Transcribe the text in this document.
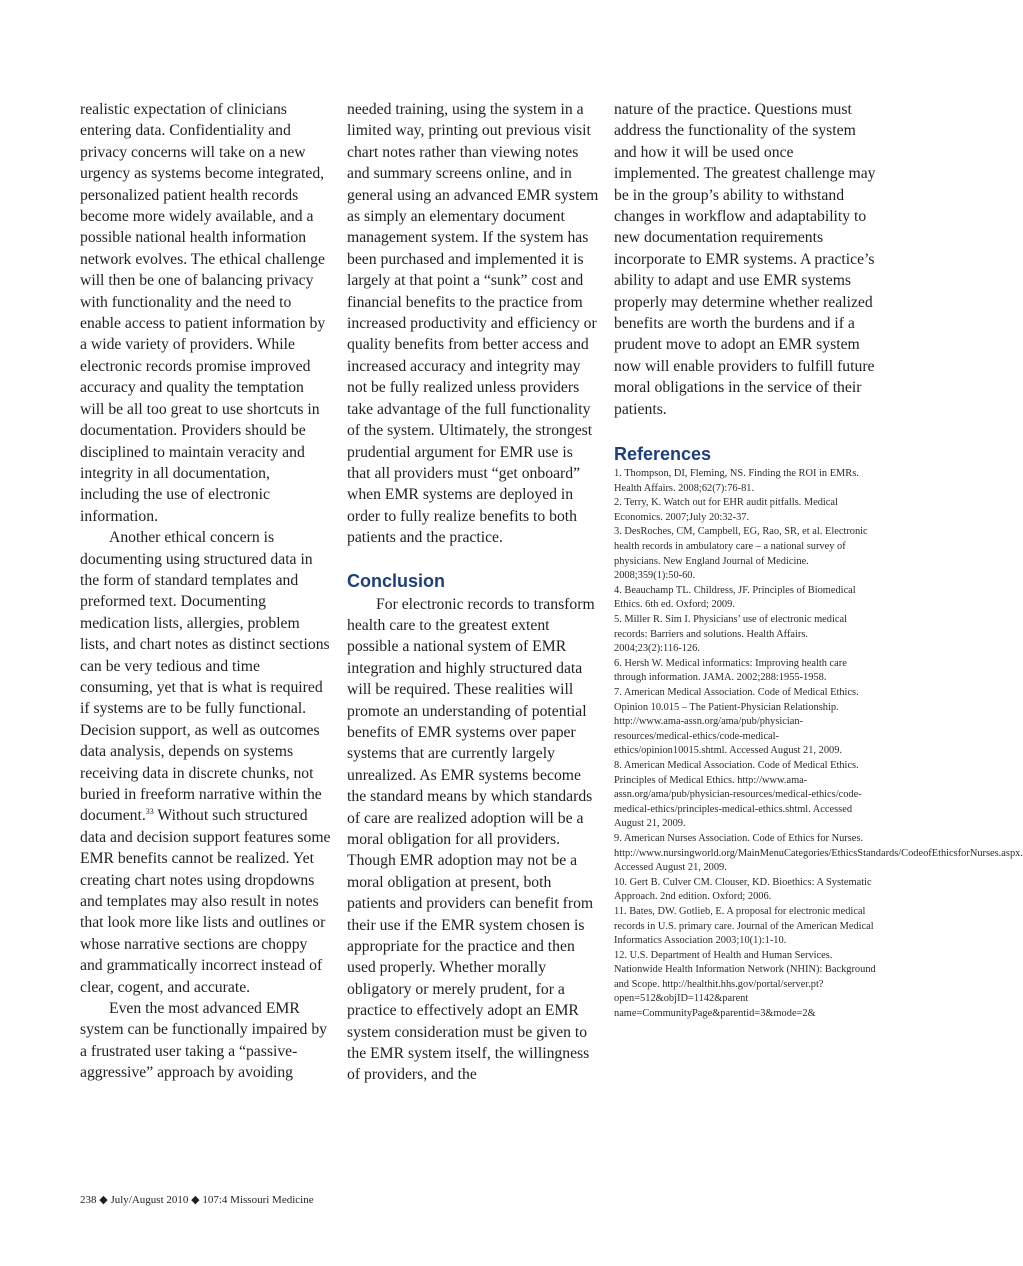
realistic expectation of clinicians entering data. Confidentiality and privacy concerns will take on a new urgency as systems become integrated, personalized patient health records become more widely available, and a possible national health information network evolves. The ethical challenge will then be one of balancing privacy with functionality and the need to enable access to patient information by a wide variety of providers. While electronic records promise improved accuracy and quality the temptation will be all too great to use shortcuts in documentation. Providers should be disciplined to maintain veracity and integrity in all documentation, including the use of electronic information.

Another ethical concern is documenting using structured data in the form of standard templates and preformed text. Documenting medication lists, allergies, problem lists, and chart notes as distinct sections can be very tedious and time consuming, yet that is what is required if systems are to be fully functional. Decision support, as well as outcomes data analysis, depends on systems receiving data in discrete chunks, not buried in freeform narrative within the document.$^{33}$ Without such structured data and decision support features some EMR benefits cannot be realized. Yet creating chart notes using dropdowns and templates may also result in notes that look more like lists and outlines or whose narrative sections are choppy and grammatically incorrect instead of clear, cogent, and accurate.

Even the most advanced EMR system can be functionally impaired by a frustrated user taking a “passive-aggressive” approach by avoiding

needed training, using the system in a limited way, printing out previous visit chart notes rather than viewing notes and summary screens online, and in general using an advanced EMR system as simply an elementary document management system. If the system has been purchased and implemented it is largely at that point a “sunk” cost and financial benefits to the practice from increased productivity and efficiency or quality benefits from better access and increased accuracy and integrity may not be fully realized unless providers take advantage of the full functionality of the system. Ultimately, the strongest prudential argument for EMR use is that all providers must “get onboard” when EMR systems are deployed in order to fully realize benefits to both patients and the practice.

Conclusion

For electronic records to transform health care to the greatest extent possible a national system of EMR integration and highly structured data will be required. These realities will promote an understanding of potential benefits of EMR systems over paper systems that are currently largely unrealized. As EMR systems become the standard means by which standards of care are realized adoption will be a moral obligation for all providers. Though EMR adoption may not be a moral obligation at present, both patients and providers can benefit from their use if the EMR system chosen is appropriate for the practice and then used properly. Whether morally obligatory or merely prudent, for a practice to effectively adopt an EMR system consideration must be given to the EMR system itself, the willingness of providers, and the

nature of the practice. Questions must address the functionality of the system and how it will be used once implemented. The greatest challenge may be in the group’s ability to withstand changes in workflow and adaptability to new documentation requirements incorporate to EMR systems. A practice’s ability to adapt and use EMR systems properly may determine whether realized benefits are worth the burdens and if a prudent move to adopt an EMR system now will enable providers to fulfill future moral obligations in the service of their patients.

References
1. Thompson, DI, Fleming, NS. Finding the ROI in EMRs. Health Affairs. 2008;62(7):76-81.
2. Terry, K. Watch out for EHR audit pitfalls. Medical Economics. 2007;July 20:32-37.
3. DesRoches, CM, Campbell, EG, Rao, SR, et al. Electronic health records in ambulatory care – a national survey of physicians. New England Journal of Medicine. 2008;359(1):50-60.
4. Beauchamp TL. Childress, JF. Principles of Biomedical Ethics. 6th ed. Oxford; 2009.
5. Miller R. Sim I. Physicians’ use of electronic medical records: Barriers and solutions. Health Affairs. 2004;23(2):116-126.
6. Hersh W. Medical informatics: Improving health care through information. JAMA. 2002;288:1955-1958.
7. American Medical Association. Code of Medical Ethics. Opinion 10.015 – The Patient-Physician Relationship. http://www.ama-assn.org/ama/pub/physician-resources/medical-ethics/code-medical-ethics/opinion10015.shtml. Accessed August 21, 2009.
8. American Medical Association. Code of Medical Ethics. Principles of Medical Ethics. http://www.ama-assn.org/ama/pub/physician-resources/medical-ethics/code-medical-ethics/principles-medical-ethics.shtml. Accessed August 21, 2009.
9. American Nurses Association. Code of Ethics for Nurses. http://www.nursingworld.org/MainMenuCategories/EthicsStandards/CodeofEthicsforNurses.aspx. Accessed August 21, 2009.
10. Gert B. Culver CM. Clouser, KD. Bioethics: A Systematic Approach. 2nd edition. Oxford; 2006.
11. Bates, DW. Gotlieb, E. A proposal for electronic medical records in U.S. primary care. Journal of the American Medical Informatics Association 2003;10(1):1-10.
12. U.S. Department of Health and Human Services. Nationwide Health Information Network (NHIN): Background and Scope. http://healthit.hhs.gov/portal/server.pt?open=512&objID=1142&parent name=CommunityPage&parentid=3&mode=2&
238 ◆ July/August 2010 ◆ 107:4 Missouri Medicine
